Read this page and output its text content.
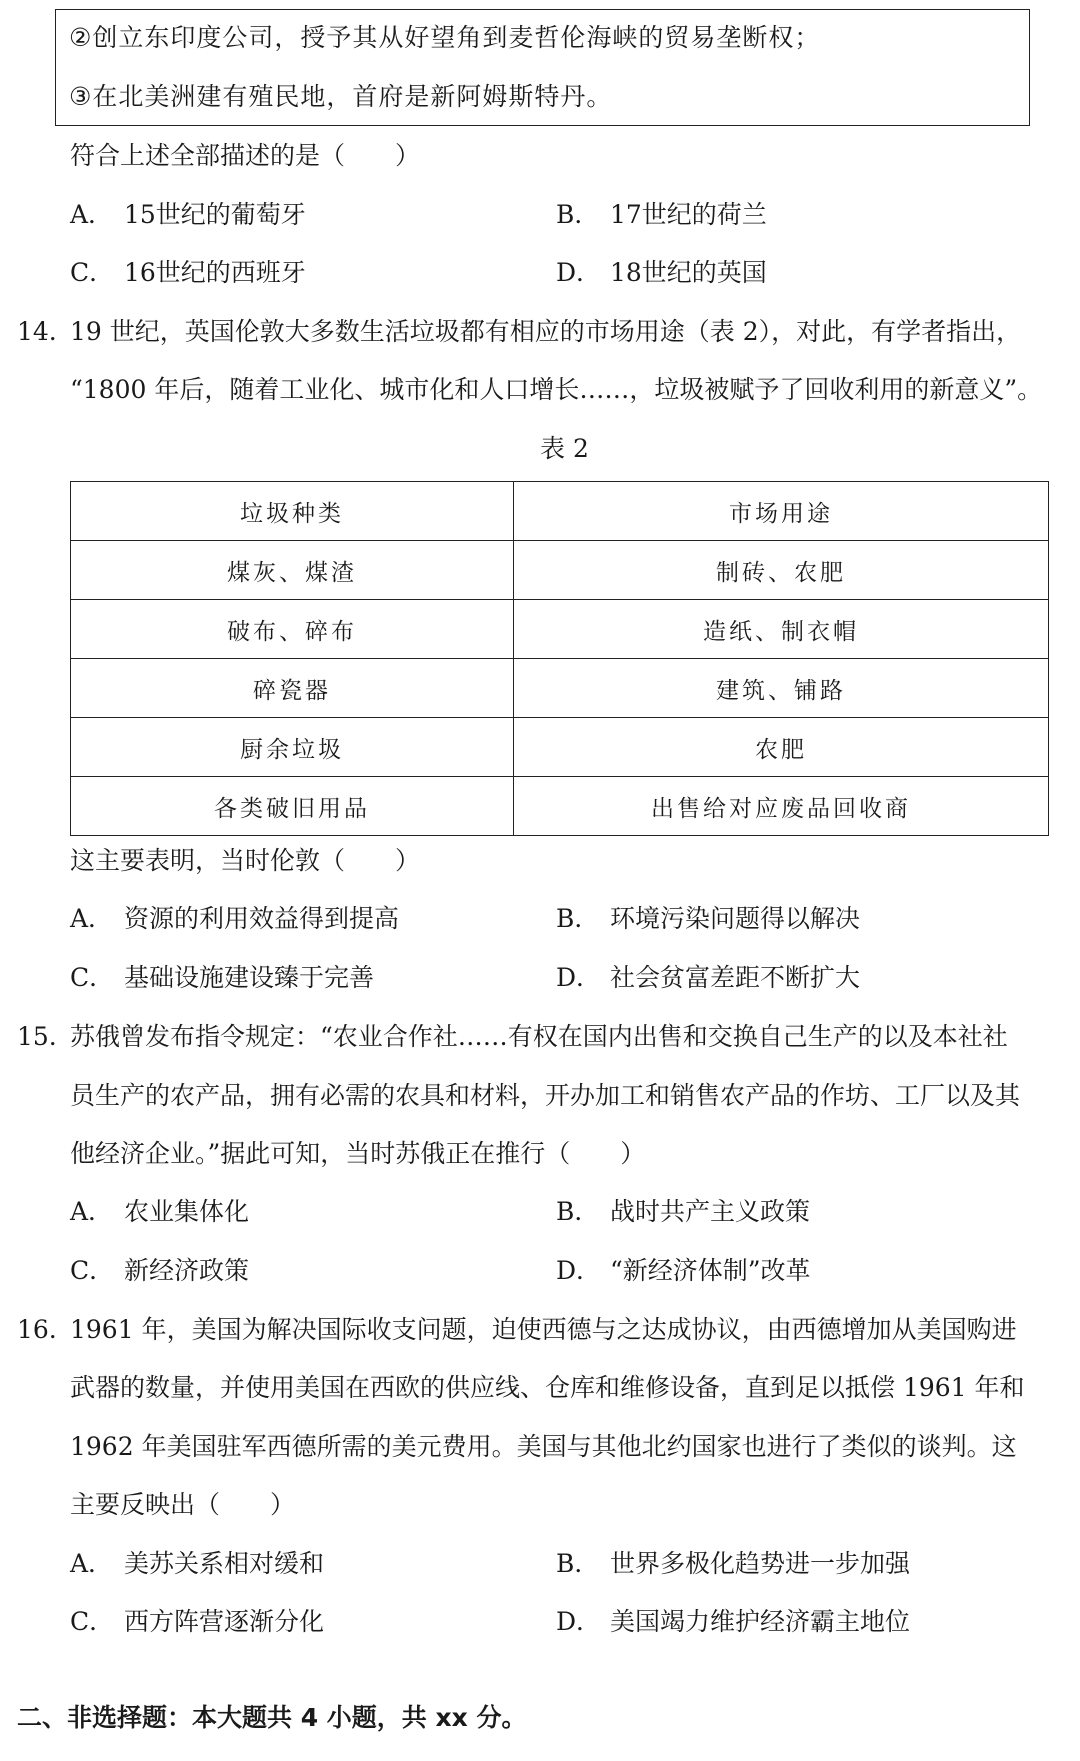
②创立东印度公司，授予其从好望角到麦哲伦海峡的贸易垄断权；
③在北美洲建有殖民地，首府是新阿姆斯特丹。
符合上述全部描述的是（　　）
A． 15世纪的葡萄牙	B． 17世纪的荷兰
C． 16世纪的西班牙	D． 18世纪的英国
14. 19 世纪，英国伦敦大多数生活垃圾都有相应的市场用途（表 2），对此，有学者指出，
“1800 年后，随着工业化、城市化和人口增长……，垃圾被赋予了回收利用的新意义”。
表 2
垃圾种类	市场用途
煤灰、煤渣	制砖、农肥
破布、碎布	造纸、制衣帽
碎瓷器	建筑、铺路
厨余垃圾	农肥
各类破旧用品	出售给对应废品回收商
这主要表明，当时伦敦（　　）
A． 资源的利用效益得到提高	B． 环境污染问题得以解决
C． 基础设施建设臻于完善	D． 社会贫富差距不断扩大
15. 苏俄曾发布指令规定：“农业合作社……有权在国内出售和交换自己生产的以及本社社
员生产的农产品，拥有必需的农具和材料，开办加工和销售农产品的作坊、工厂以及其
他经济企业。”据此可知，当时苏俄正在推行（　　）
A． 农业集体化	B． 战时共产主义政策
C． 新经济政策	D． “新经济体制”改革
16. 1961 年，美国为解决国际收支问题，迫使西德与之达成协议，由西德增加从美国购进
武器的数量，并使用美国在西欧的供应线、仓库和维修设备，直到足以抵偿 1961 年和
1962 年美国驻军西德所需的美元费用。美国与其他北约国家也进行了类似的谈判。这
主要反映出（　　）
A． 美苏关系相对缓和	B． 世界多极化趋势进一步加强
C． 西方阵营逐渐分化	D． 美国竭力维护经济霸主地位
二、非选择题：本大题共 4 小题，共 xx 分。
